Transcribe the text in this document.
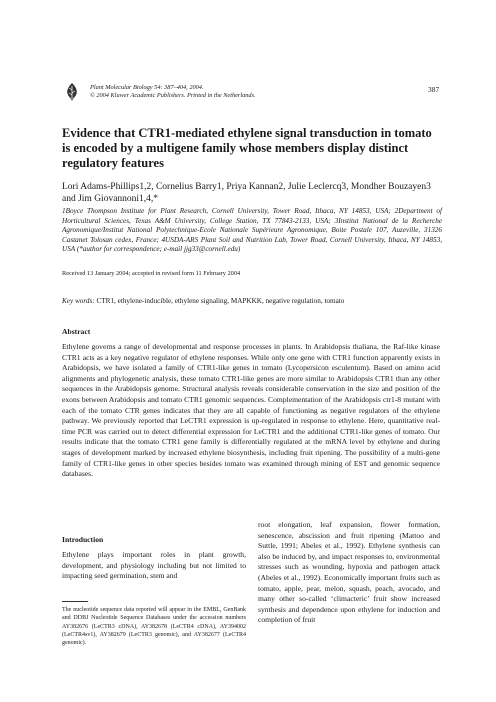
Plant Molecular Biology 54: 387–404, 2004.
© 2004 Kluwer Academic Publishers. Printed in the Netherlands.
387
Evidence that CTR1-mediated ethylene signal transduction in tomato is encoded by a multigene family whose members display distinct regulatory features
Lori Adams-Phillips1,2, Cornelius Barry1, Priya Kannan2, Julie Leclercq3, Mondher Bouzayen3 and Jim Giovannoni1,4,*
1Boyce Thompson Institute for Plant Research, Cornell University, Tower Road, Ithaca, NY 14853, USA; 2Department of Horticultural Sciences, Texas A&M University, College Station, TX 77843-2133, USA; 3Institut National de la Recherche Agronomique/Institut National Polytechnique-Ecole Nationale Supérieure Agronomique, Boite Postale 107, Auzeville, 31326 Castanet Tolosan cedex, France; 4USDA-ARS Plant Soil and Nutrition Lab, Tower Road, Cornell University, Ithaca, NY 14853, USA (*author for correspondence; e-mail jjg33@cornell.edu)
Received 13 January 2004; accepted in revised form 11 February 2004
Key words: CTR1, ethylene-inducible, ethylene signaling, MAPKKK, negative regulation, tomato
Abstract
Ethylene governs a range of developmental and response processes in plants. In Arabidopsis thaliana, the Raf-like kinase CTR1 acts as a key negative regulator of ethylene responses. While only one gene with CTR1 function apparently exists in Arabidopsis, we have isolated a family of CTR1-like genes in tomato (Lycopersicon esculentum). Based on amino acid alignments and phylogenetic analysis, these tomato CTR1-like genes are more similar to Arabidopsis CTR1 than any other sequences in the Arabidopsis genome. Structural analysis reveals considerable conservation in the size and position of the exons between Arabidopsis and tomato CTR1 genomic sequences. Complementation of the Arabidopsis ctr1-8 mutant with each of the tomato CTR genes indicates that they are all capable of functioning as negative regulators of the ethylene pathway. We previously reported that LeCTR1 expression is up-regulated in response to ethylene. Here, quantitative real-time PCR was carried out to detect differential expression for LeCTR1 and the additional CTR1-like genes of tomato. Our results indicate that the tomato CTR1 gene family is differentially regulated at the mRNA level by ethylene and during stages of development marked by increased ethylene biosynthesis, including fruit ripening. The possibility of a multi-gene family of CTR1-like genes in other species besides tomato was examined through mining of EST and genomic sequence databases.
Introduction
Ethylene plays important roles in plant growth, development, and physiology including but not limited to impacting seed germination, stem and
The nucleotide sequence data reported will appear in the EMBL, GenBank and DDBJ Nucleotide Sequence Databases under the accession numbers AY382676 (LeCTR3 cDNA), AY382678 (LeCTR4 cDNA), AY394002 (LeCTR4sv1), AY382679 (LeCTR3 genomic), and AY382677 (LeCTR4 genomic).
root elongation, leaf expansion, flower formation, senescence, abscission and fruit ripening (Mattoo and Suttle, 1991; Abeles et al., 1992). Ethylene synthesis can also be induced by, and impact responses to, environmental stresses such as wounding, hypoxia and pathogen attack (Abeles et al., 1992). Economically important fruits such as tomato, apple, pear, melon, squash, peach, avocado, and many other so-called ‘climacteric’ fruit show increased synthesis and dependence upon ethylene for induction and completion of fruit
